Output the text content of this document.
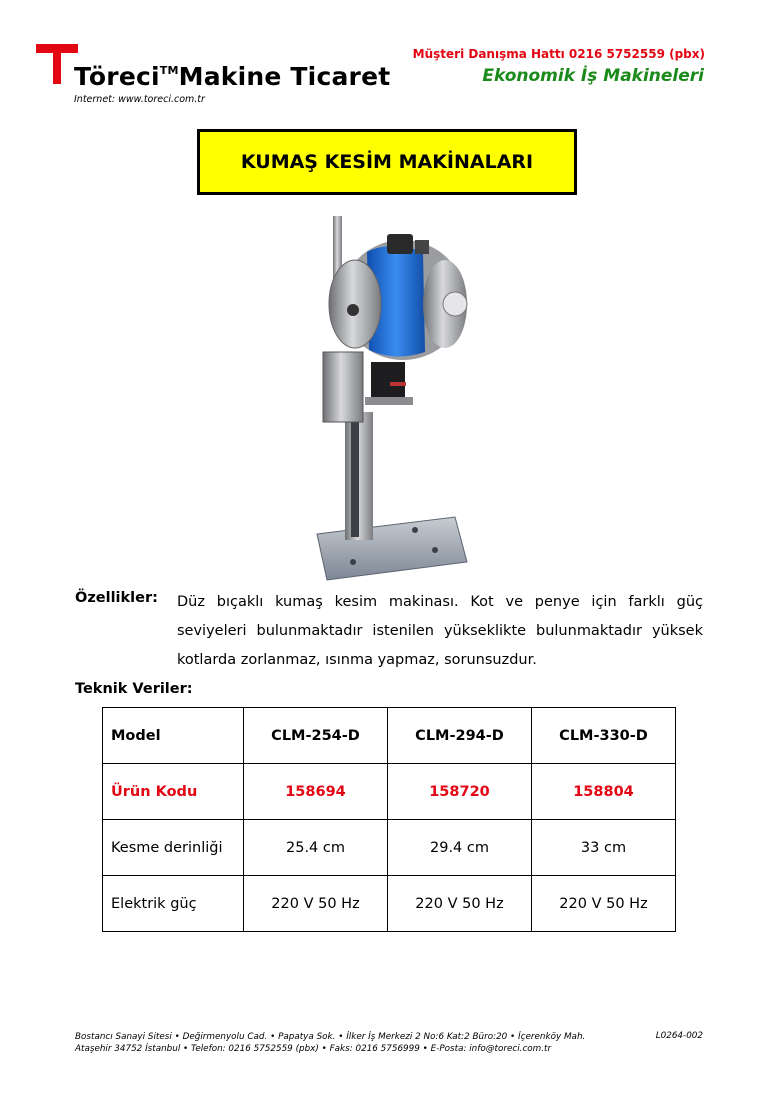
Töreci™Makine Ticaret
Internet: www.toreci.com.tr
Müşteri Danışma Hattı 0216 5752559 (pbx)
Ekonomik İş Makineleri
KUMAŞ KESİM MAKİNALARI
Özellikler: Düz bıçaklı kumaş kesim makinası. Kot ve penye için farklı güç seviyeleri bulunmaktadır istenilen yükseklikte bulunmaktadır yüksek kotlarda zorlanmaz, ısınma yapmaz, sorunsuzdur.
Teknik Veriler:
Model	CLM-254-D	CLM-294-D	CLM-330-D
Ürün Kodu	158694	158720	158804
Kesme derinliği	25.4 cm	29.4 cm	33 cm
Elektrik güç	220 V 50 Hz	220 V 50 Hz	220 V 50 Hz
Bostancı Sanayi Sitesi • Değirmenyolu Cad. • Papatya Sok. • İlker İş Merkezi 2 No:6 Kat:2 Büro:20 • İçerenköy Mah.
Ataşehir 34752 İstanbul • Telefon: 0216 5752559 (pbx) • Faks: 0216 5756999 • E-Posta: info@toreci.com.tr
L0264-002
